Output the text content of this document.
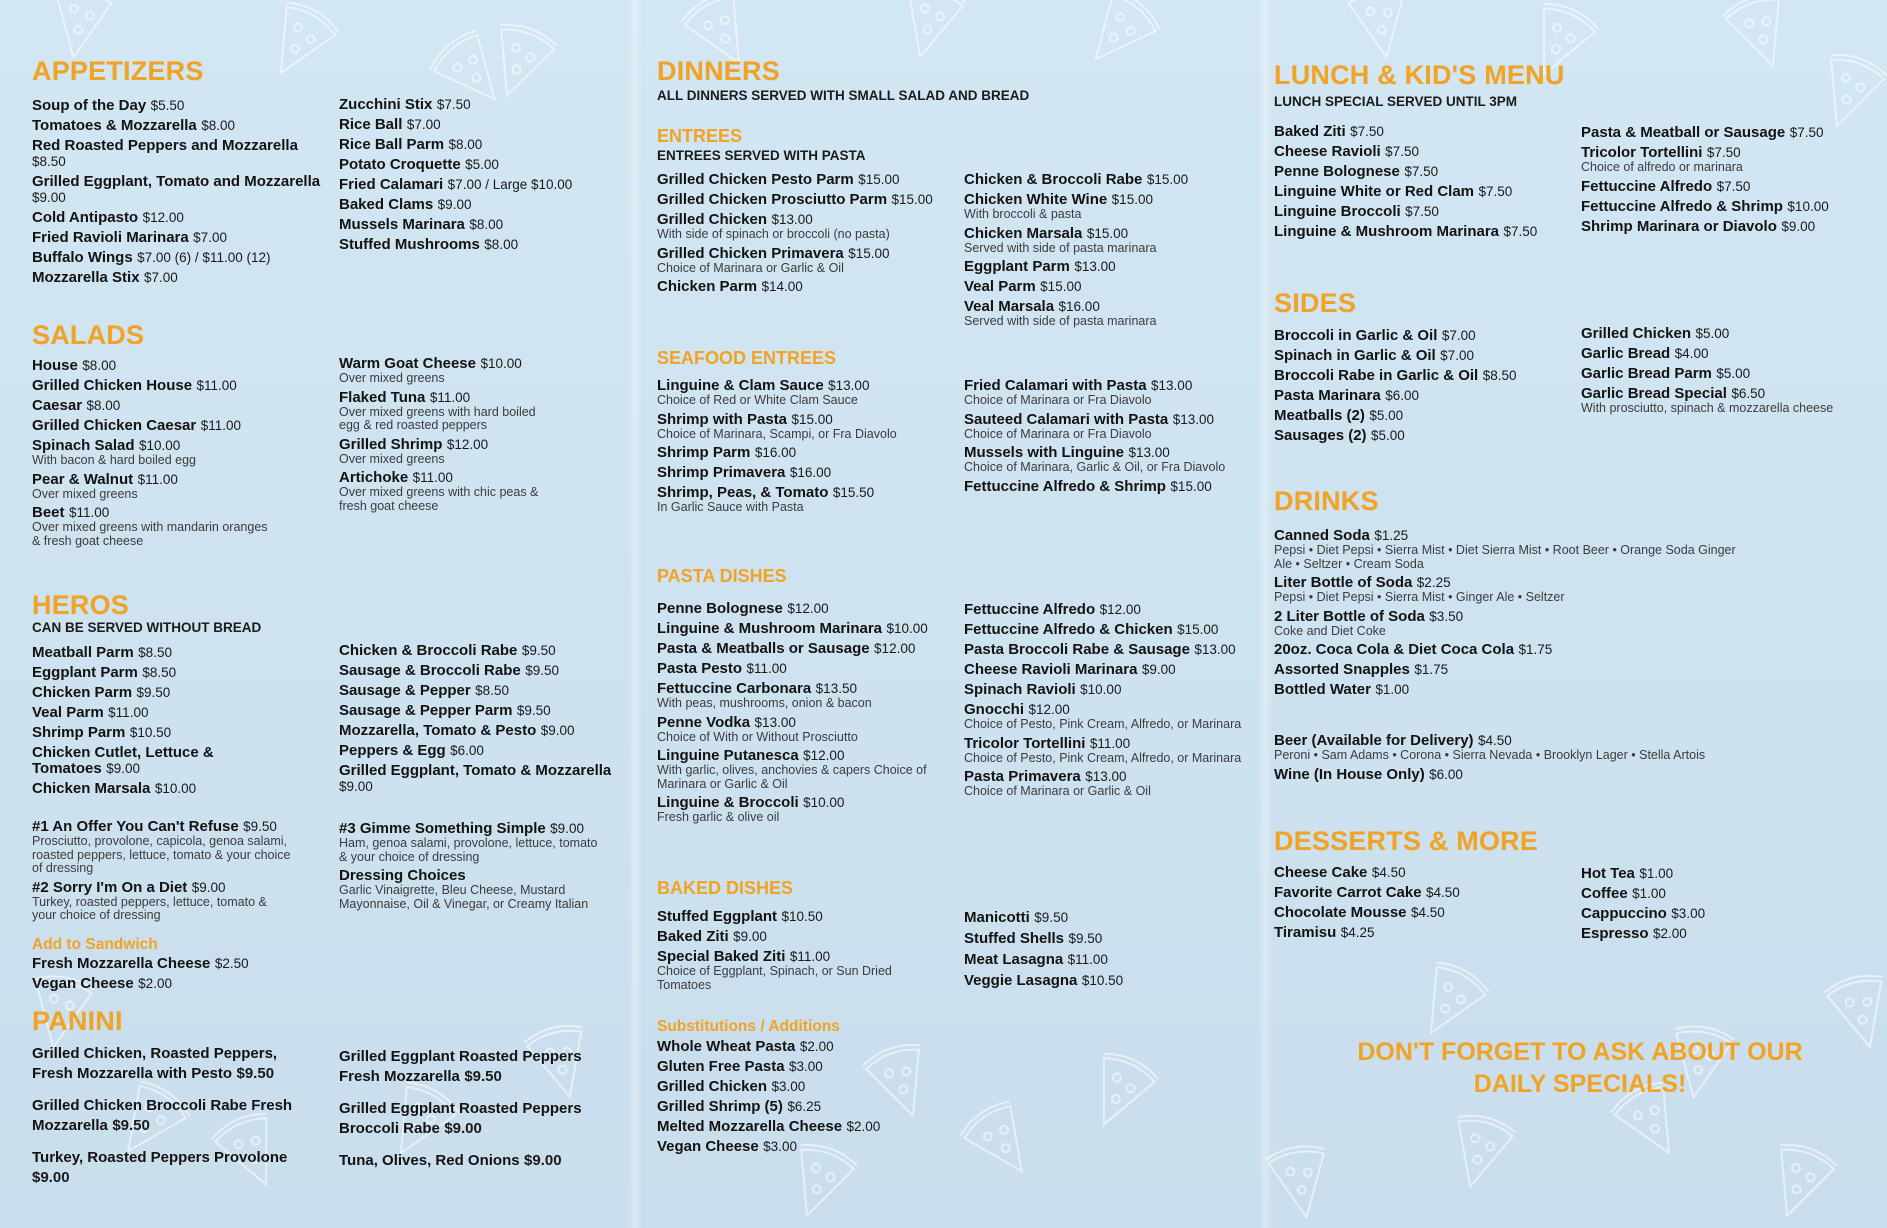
APPETIZERS

Soup of the Day $5.50

Tomatoes & Mozzarella $8.00

Red Roasted Peppers and Mozzarella $8.50

Grilled Eggplant, Tomato and Mozzarella $9.00

Cold Antipasto $12.00

Fried Ravioli Marinara $7.00

Buffalo Wings $7.00 (6) / $11.00 (12)

Mozzarella Stix $7.00

Zucchini Stix $7.50

Rice Ball $7.00

Rice Ball Parm $8.00

Potato Croquette $5.00

Fried Calamari $7.00 / Large $10.00

Baked Clams $9.00

Mussels Marinara $8.00

Stuffed Mushrooms $8.00

SALADS

House $8.00

Grilled Chicken House $11.00

Caesar $8.00

Grilled Chicken Caesar $11.00

Spinach Salad $10.00
With bacon & hard boiled egg

Pear & Walnut $11.00
Over mixed greens

Beet $11.00
Over mixed greens with mandarin oranges & fresh goat cheese

Warm Goat Cheese $10.00
Over mixed greens

Flaked Tuna $11.00
Over mixed greens with hard boiled egg & red roasted peppers

Grilled Shrimp $12.00
Over mixed greens

Artichoke $11.00
Over mixed greens with chic peas & fresh goat cheese

HEROS

CAN BE SERVED WITHOUT BREAD

Meatball Parm $8.50

Eggplant Parm $8.50

Chicken Parm $9.50

Veal Parm $11.00

Shrimp Parm $10.50

Chicken Cutlet, Lettuce & Tomatoes $9.00

Chicken Marsala $10.00

Chicken & Broccoli Rabe $9.50

Sausage & Broccoli Rabe $9.50

Sausage & Pepper $8.50

Sausage & Pepper Parm $9.50

Mozzarella, Tomato & Pesto $9.00

Peppers & Egg $6.00

Grilled Eggplant, Tomato & Mozzarella $9.00

#1 An Offer You Can't Refuse $9.50
Prosciutto, provolone, capicola, genoa salami, roasted peppers, lettuce, tomato & your choice of dressing

#2 Sorry I'm On a Diet $9.00
Turkey, roasted peppers, lettuce, tomato & your choice of dressing

#3 Gimme Something Simple $9.00
Ham, genoa salami, provolone, lettuce, tomato & your choice of dressing

Dressing Choices
Garlic Vinaigrette, Bleu Cheese, Mustard Mayonnaise, Oil & Vinegar, or Creamy Italian

Add to Sandwich

Fresh Mozzarella Cheese $2.50

Vegan Cheese $2.00

PANINI

Grilled Chicken, Roasted Peppers, Fresh Mozzarella with Pesto $9.50

Grilled Chicken Broccoli Rabe Fresh Mozzarella $9.50

Turkey, Roasted Peppers Provolone $9.00

Grilled Eggplant Roasted Peppers Fresh Mozzarella $9.50

Grilled Eggplant Roasted Peppers Broccoli Rabe $9.00

Tuna, Olives, Red Onions $9.00

DINNERS

ALL DINNERS SERVED WITH SMALL SALAD AND BREAD

ENTREES

ENTREES SERVED WITH PASTA

Grilled Chicken Pesto Parm $15.00

Grilled Chicken Prosciutto Parm $15.00

Grilled Chicken $13.00
With side of spinach or broccoli (no pasta)

Grilled Chicken Primavera $15.00
Choice of Marinara or Garlic & Oil

Chicken Parm $14.00

Chicken & Broccoli Rabe $15.00

Chicken White Wine $15.00
With broccoli & pasta

Chicken Marsala $15.00
Served with side of pasta marinara

Eggplant Parm $13.00

Veal Parm $15.00

Veal Marsala $16.00
Served with side of pasta marinara

SEAFOOD ENTREES

Linguine & Clam Sauce $13.00
Choice of Red or White Clam Sauce

Shrimp with Pasta $15.00
Choice of Marinara, Scampi, or Fra Diavolo

Shrimp Parm $16.00

Shrimp Primavera $16.00

Shrimp, Peas, & Tomato $15.50
In Garlic Sauce with Pasta

Fried Calamari with Pasta $13.00
Choice of Marinara or Fra Diavolo

Sauteed Calamari with Pasta $13.00
Choice of Marinara or Fra Diavolo

Mussels with Linguine $13.00
Choice of Marinara, Garlic & Oil, or Fra Diavolo

Fettuccine Alfredo & Shrimp $15.00

PASTA DISHES

Penne Bolognese $12.00

Linguine & Mushroom Marinara $10.00

Pasta & Meatballs or Sausage $12.00

Pasta Pesto $11.00

Fettuccine Carbonara $13.50
With peas, mushrooms, onion & bacon

Penne Vodka $13.00
Choice of With or Without Prosciutto

Linguine Putanesca $12.00
With garlic, olives, anchovies & capers Choice of Marinara or Garlic & Oil

Linguine & Broccoli $10.00
Fresh garlic & olive oil

Fettuccine Alfredo $12.00

Fettuccine Alfredo & Chicken $15.00

Pasta Broccoli Rabe & Sausage $13.00

Cheese Ravioli Marinara $9.00

Spinach Ravioli $10.00

Gnocchi $12.00
Choice of Pesto, Pink Cream, Alfredo, or Marinara

Tricolor Tortellini $11.00
Choice of Pesto, Pink Cream, Alfredo, or Marinara

Pasta Primavera $13.00
Choice of Marinara or Garlic & Oil

BAKED DISHES

Stuffed Eggplant $10.50

Baked Ziti $9.00

Special Baked Ziti $11.00
Choice of Eggplant, Spinach, or Sun Dried Tomatoes

Manicotti $9.50

Stuffed Shells $9.50

Meat Lasagna $11.00

Veggie Lasagna $10.50

Substitutions / Additions

Whole Wheat Pasta $2.00

Gluten Free Pasta $3.00

Grilled Chicken $3.00

Grilled Shrimp (5) $6.25

Melted Mozzarella Cheese $2.00

Vegan Cheese $3.00

LUNCH & KID'S MENU

LUNCH SPECIAL SERVED UNTIL 3PM

Baked Ziti $7.50

Cheese Ravioli $7.50

Penne Bolognese $7.50

Linguine White or Red Clam $7.50

Linguine Broccoli $7.50

Linguine & Mushroom Marinara $7.50

Pasta & Meatball or Sausage $7.50

Tricolor Tortellini $7.50
Choice of alfredo or marinara

Fettuccine Alfredo $7.50

Fettuccine Alfredo & Shrimp $10.00

Shrimp Marinara or Diavolo $9.00

SIDES

Broccoli in Garlic & Oil $7.00

Spinach in Garlic & Oil $7.00

Broccoli Rabe in Garlic & Oil $8.50

Pasta Marinara $6.00

Meatballs (2) $5.00

Sausages (2) $5.00

Grilled Chicken $5.00

Garlic Bread $4.00

Garlic Bread Parm $5.00

Garlic Bread Special $6.50
With prosciutto, spinach & mozzarella cheese

DRINKS

Canned Soda $1.25
Pepsi • Diet Pepsi • Sierra Mist • Diet Sierra Mist • Root Beer • Orange Soda Ginger Ale • Seltzer • Cream Soda

Liter Bottle of Soda $2.25
Pepsi • Diet Pepsi • Sierra Mist • Ginger Ale • Seltzer

2 Liter Bottle of Soda $3.50
Coke and Diet Coke

20oz. Coca Cola & Diet Coca Cola $1.75

Assorted Snapples $1.75

Bottled Water $1.00

Beer (Available for Delivery) $4.50
Peroni • Sam Adams • Corona • Sierra Nevada • Brooklyn Lager • Stella Artois

Wine (In House Only) $6.00

DESSERTS & MORE

Cheese Cake $4.50

Favorite Carrot Cake $4.50

Chocolate Mousse $4.50

Tiramisu $4.25

Hot Tea $1.00

Coffee $1.00

Cappuccino $3.00

Espresso $2.00

DON'T FORGET TO ASK ABOUT OUR DAILY SPECIALS!
